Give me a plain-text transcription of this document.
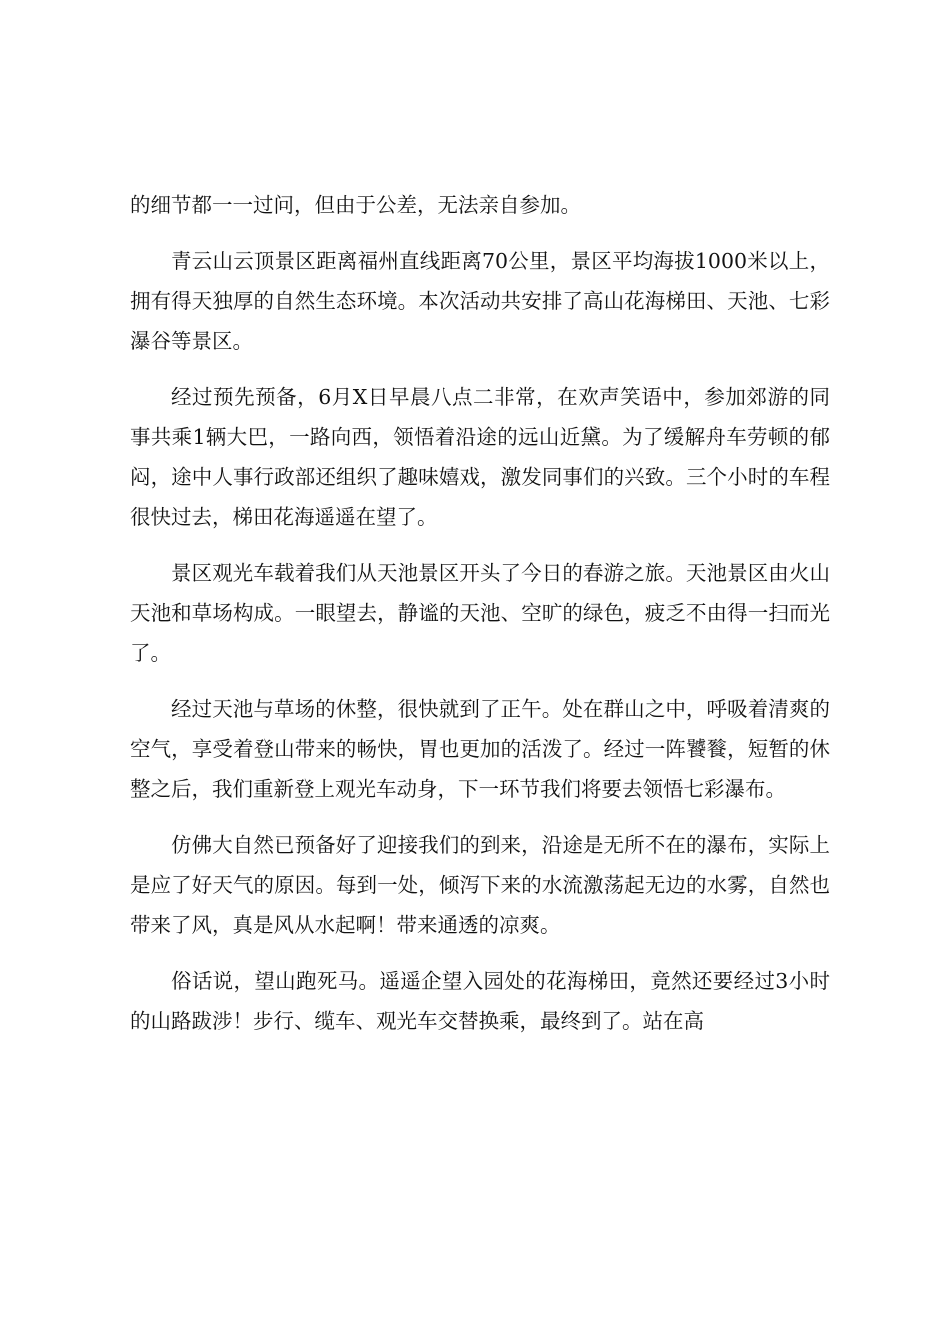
的细节都一一过问，但由于公差，无法亲自参加。

青云山云顶景区距离福州直线距离70公里，景区平均海拔1000米以上，拥有得天独厚的自然生态环境。本次活动共安排了高山花海梯田、天池、七彩瀑谷等景区。

经过预先预备，6月X日早晨八点二非常，在欢声笑语中，参加郊游的同事共乘1辆大巴，一路向西，领悟着沿途的远山近黛。为了缓解舟车劳顿的郁闷，途中人事行政部还组织了趣味嬉戏，激发同事们的兴致。三个小时的车程很快过去，梯田花海遥遥在望了。

景区观光车载着我们从天池景区开头了今日的春游之旅。天池景区由火山天池和草场构成。一眼望去，静谧的天池、空旷的绿色，疲乏不由得一扫而光了。

经过天池与草场的休整，很快就到了正午。处在群山之中，呼吸着清爽的空气，享受着登山带来的畅快，胃也更加的活泼了。经过一阵饕餮，短暂的休整之后，我们重新登上观光车动身，下一环节我们将要去领悟七彩瀑布。

仿佛大自然已预备好了迎接我们的到来，沿途是无所不在的瀑布，实际上是应了好天气的原因。每到一处，倾泻下来的水流激荡起无边的水雾，自然也带来了风，真是风从水起啊！带来通透的凉爽。

俗话说，望山跑死马。遥遥企望入园处的花海梯田，竟然还要经过3小时的山路跋涉！步行、缆车、观光车交替换乘，最终到了。站在高
